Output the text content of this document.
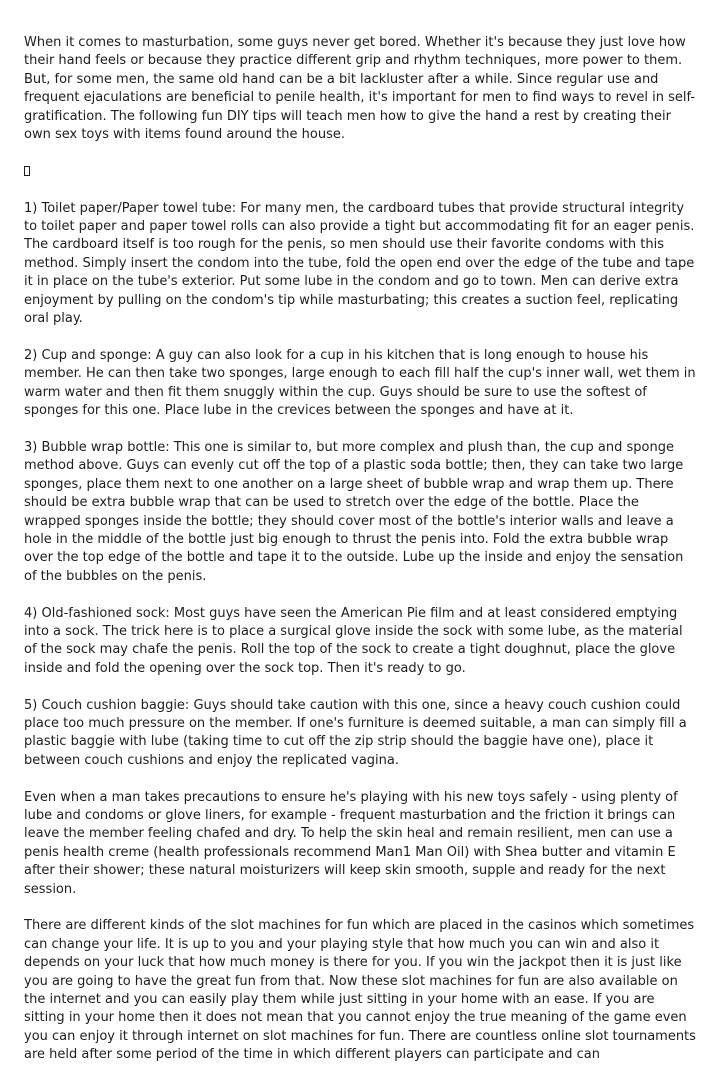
When it comes to masturbation, some guys never get bored. Whether it's because they just love how their hand feels or because they practice different grip and rhythm techniques, more power to them. But, for some men, the same old hand can be a bit lackluster after a while. Since regular use and frequent ejaculations are beneficial to penile health, it's important for men to find ways to revel in self-gratification. The following fun DIY tips will teach men how to give the hand a rest by creating their own sex toys with items found around the house.

1) Toilet paper/Paper towel tube: For many men, the cardboard tubes that provide structural integrity to toilet paper and paper towel rolls can also provide a tight but accommodating fit for an eager penis. The cardboard itself is too rough for the penis, so men should use their favorite condoms with this method. Simply insert the condom into the tube, fold the open end over the edge of the tube and tape it in place on the tube's exterior. Put some lube in the condom and go to town. Men can derive extra enjoyment by pulling on the condom's tip while masturbating; this creates a suction feel, replicating oral play.

2) Cup and sponge: A guy can also look for a cup in his kitchen that is long enough to house his member. He can then take two sponges, large enough to each fill half the cup's inner wall, wet them in warm water and then fit them snuggly within the cup. Guys should be sure to use the softest of sponges for this one. Place lube in the crevices between the sponges and have at it.

3) Bubble wrap bottle: This one is similar to, but more complex and plush than, the cup and sponge method above. Guys can evenly cut off the top of a plastic soda bottle; then, they can take two large sponges, place them next to one another on a large sheet of bubble wrap and wrap them up. There should be extra bubble wrap that can be used to stretch over the edge of the bottle. Place the wrapped sponges inside the bottle; they should cover most of the bottle's interior walls and leave a hole in the middle of the bottle just big enough to thrust the penis into. Fold the extra bubble wrap over the top edge of the bottle and tape it to the outside. Lube up the inside and enjoy the sensation of the bubbles on the penis.

4) Old-fashioned sock: Most guys have seen the American Pie film and at least considered emptying into a sock. The trick here is to place a surgical glove inside the sock with some lube, as the material of the sock may chafe the penis. Roll the top of the sock to create a tight doughnut, place the glove inside and fold the opening over the sock top. Then it's ready to go.

5) Couch cushion baggie: Guys should take caution with this one, since a heavy couch cushion could place too much pressure on the member. If one's furniture is deemed suitable, a man can simply fill a plastic baggie with lube (taking time to cut off the zip strip should the baggie have one), place it between couch cushions and enjoy the replicated vagina.

Even when a man takes precautions to ensure he's playing with his new toys safely - using plenty of lube and condoms or glove liners, for example - frequent masturbation and the friction it brings can leave the member feeling chafed and dry. To help the skin heal and remain resilient, men can use a penis health creme (health professionals recommend Man1 Man Oil) with Shea butter and vitamin E after their shower; these natural moisturizers will keep skin smooth, supple and ready for the next session.

There are different kinds of the slot machines for fun which are placed in the casinos which sometimes can change your life. It is up to you and your playing style that how much you can win and also it depends on your luck that how much money is there for you. If you win the jackpot then it is just like you are going to have the great fun from that. Now these slot machines for fun are also available on the internet and you can easily play them while just sitting in your home with an ease. If you are sitting in your home then it does not mean that you cannot enjoy the true meaning of the game even you can enjoy it through internet on slot machines for fun. There are countless online slot tournaments are held after some period of the time in which different players can participate and can
